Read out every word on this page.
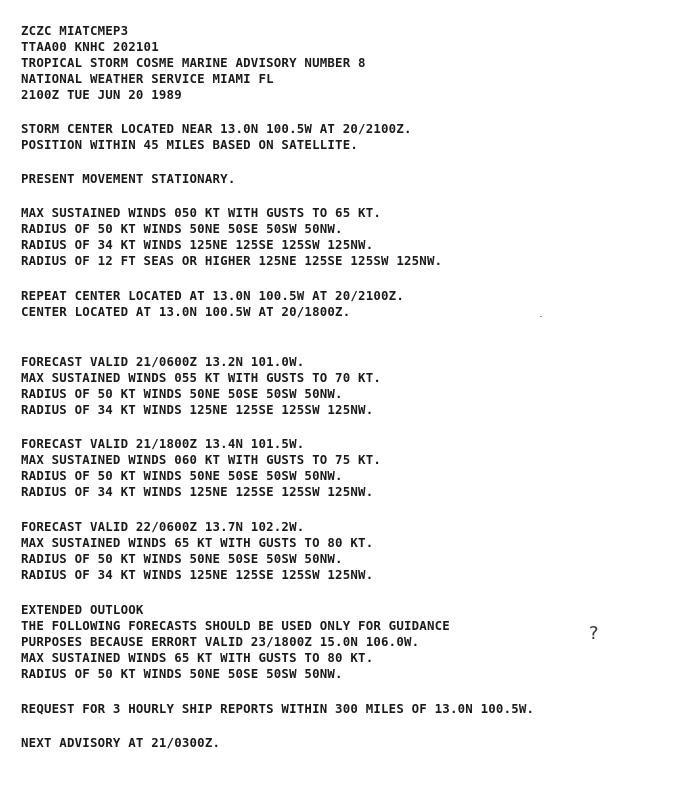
ZCZC MIATCMEP3

TTAA00 KNHC 202101

TROPICAL STORM COSME MARINE ADVISORY NUMBER 8

NATIONAL WEATHER SERVICE MIAMI FL

2100Z TUE JUN 20 1989

STORM CENTER LOCATED NEAR 13.0N 100.5W AT 20/2100Z.

POSITION WITHIN 45 MILES BASED ON SATELLITE.

PRESENT MOVEMENT STATIONARY.

MAX SUSTAINED WINDS 050 KT WITH GUSTS TO 65 KT.

RADIUS OF 50 KT WINDS 50NE 50SE 50SW 50NW.

RADIUS OF 34 KT WINDS 125NE 125SE 125SW 125NW.

RADIUS OF 12 FT SEAS OR HIGHER 125NE 125SE 125SW 125NW.

REPEAT CENTER LOCATED AT 13.0N 100.5W AT 20/2100Z.

CENTER LOCATED AT 13.0N 100.5W AT 20/1800Z.

FORECAST VALID 21/0600Z 13.2N 101.0W.

MAX SUSTAINED WINDS 055 KT WITH GUSTS TO 70 KT.

RADIUS OF 50 KT WINDS 50NE 50SE 50SW 50NW.

RADIUS OF 34 KT WINDS 125NE 125SE 125SW 125NW.

FORECAST VALID 21/1800Z 13.4N 101.5W.

MAX SUSTAINED WINDS 060 KT WITH GUSTS TO 75 KT.

RADIUS OF 50 KT WINDS 50NE 50SE 50SW 50NW.

RADIUS OF 34 KT WINDS 125NE 125SE 125SW 125NW.

FORECAST VALID 22/0600Z 13.7N 102.2W.

MAX SUSTAINED WINDS 65 KT WITH GUSTS TO 80 KT.

RADIUS OF 50 KT WINDS 50NE 50SE 50SW 50NW.

RADIUS OF 34 KT WINDS 125NE 125SE 125SW 125NW.

EXTENDED OUTLOOK

THE FOLLOWING FORECASTS SHOULD BE USED ONLY FOR GUIDANCE

PURPOSES BECAUSE ERRORT VALID 23/1800Z 15.0N 106.0W.

MAX SUSTAINED WINDS 65 KT WITH GUSTS TO 80 KT.

RADIUS OF 50 KT WINDS 50NE 50SE 50SW 50NW.

?

REQUEST FOR 3 HOURLY SHIP REPORTS WITHIN 300 MILES OF 13.0N 100.5W.

NEXT ADVISORY AT 21/0300Z.
